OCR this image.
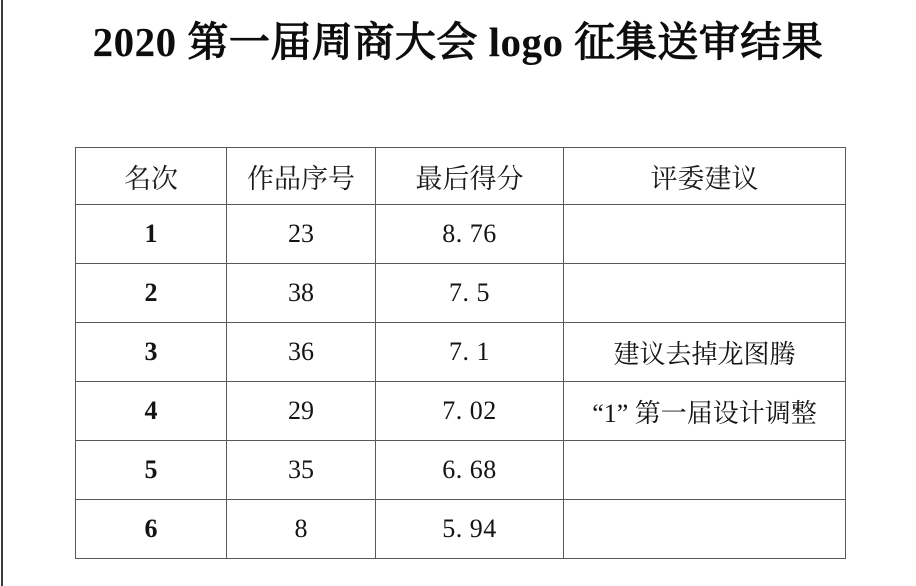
2020 第一届周商大会 logo 征集送审结果
名次	作品序号	最后得分	评委建议
1	23	8. 76	
2	38	7. 5	
3	36	7. 1	建议去掉龙图腾
4	29	7. 02	“1” 第一届设计调整
5	35	6. 68	
6	8	5. 94	
